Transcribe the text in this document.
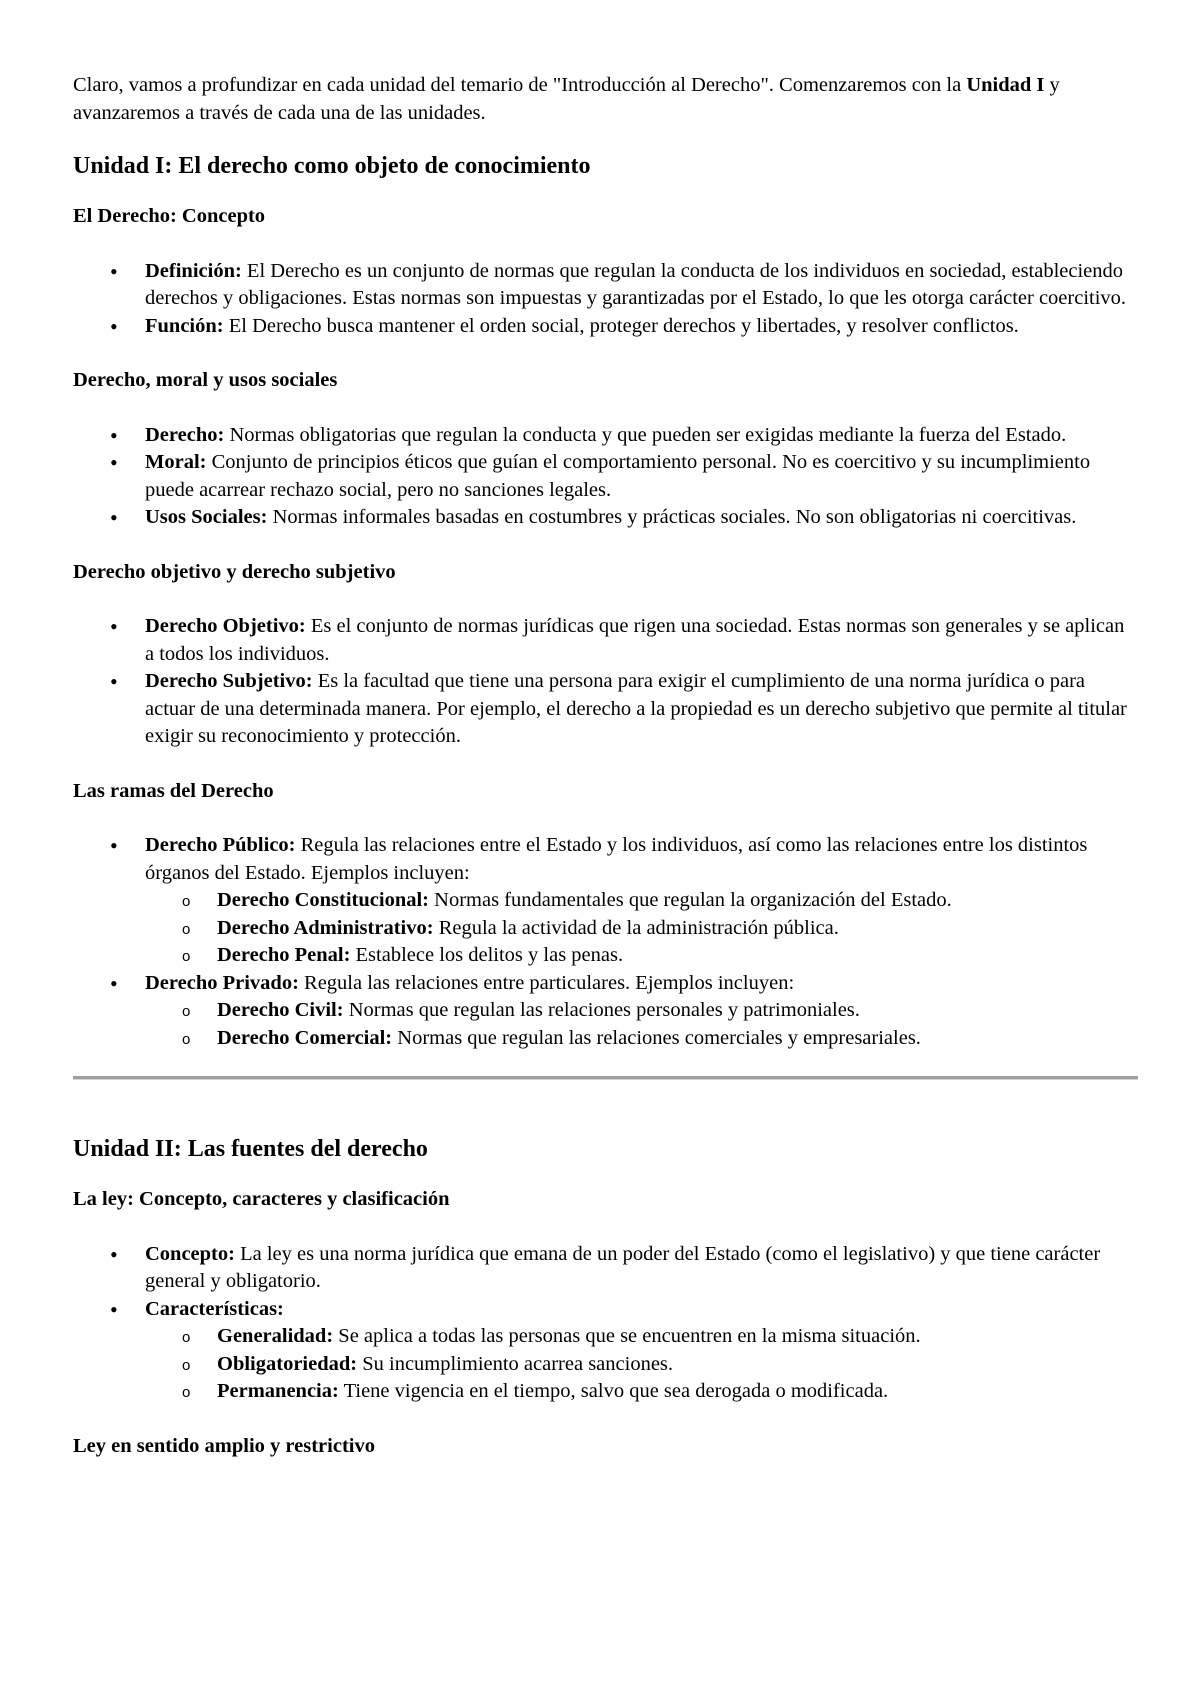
Claro, vamos a profundizar en cada unidad del temario de "Introducción al Derecho". Comenzaremos con la Unidad I y avanzaremos a través de cada una de las unidades.

Unidad I: El derecho como objeto de conocimiento
El Derecho: Concepto
• Definición: El Derecho es un conjunto de normas que regulan la conducta de los individuos en sociedad, estableciendo derechos y obligaciones. Estas normas son impuestas y garantizadas por el Estado, lo que les otorga carácter coercitivo.
• Función: El Derecho busca mantener el orden social, proteger derechos y libertades, y resolver conflictos.
Derecho, moral y usos sociales
• Derecho: Normas obligatorias que regulan la conducta y que pueden ser exigidas mediante la fuerza del Estado.
• Moral: Conjunto de principios éticos que guían el comportamiento personal. No es coercitivo y su incumplimiento puede acarrear rechazo social, pero no sanciones legales.
• Usos Sociales: Normas informales basadas en costumbres y prácticas sociales. No son obligatorias ni coercitivas.
Derecho objetivo y derecho subjetivo
• Derecho Objetivo: Es el conjunto de normas jurídicas que rigen una sociedad. Estas normas son generales y se aplican a todos los individuos.
• Derecho Subjetivo: Es la facultad que tiene una persona para exigir el cumplimiento de una norma jurídica o para actuar de una determinada manera. Por ejemplo, el derecho a la propiedad es un derecho subjetivo que permite al titular exigir su reconocimiento y protección.
Las ramas del Derecho
• Derecho Público: Regula las relaciones entre el Estado y los individuos, así como las relaciones entre los distintos órganos del Estado. Ejemplos incluyen:
o Derecho Constitucional: Normas fundamentales que regulan la organización del Estado.
o Derecho Administrativo: Regula la actividad de la administración pública.
o Derecho Penal: Establece los delitos y las penas.
• Derecho Privado: Regula las relaciones entre particulares. Ejemplos incluyen:
o Derecho Civil: Normas que regulan las relaciones personales y patrimoniales.
o Derecho Comercial: Normas que regulan las relaciones comerciales y empresariales.
Unidad II: Las fuentes del derecho
La ley: Concepto, caracteres y clasificación
• Concepto: La ley es una norma jurídica que emana de un poder del Estado (como el legislativo) y que tiene carácter general y obligatorio.
• Características:
o Generalidad: Se aplica a todas las personas que se encuentren en la misma situación.
o Obligatoriedad: Su incumplimiento acarrea sanciones.
o Permanencia: Tiene vigencia en el tiempo, salvo que sea derogada o modificada.
Ley en sentido amplio y restrictivo
